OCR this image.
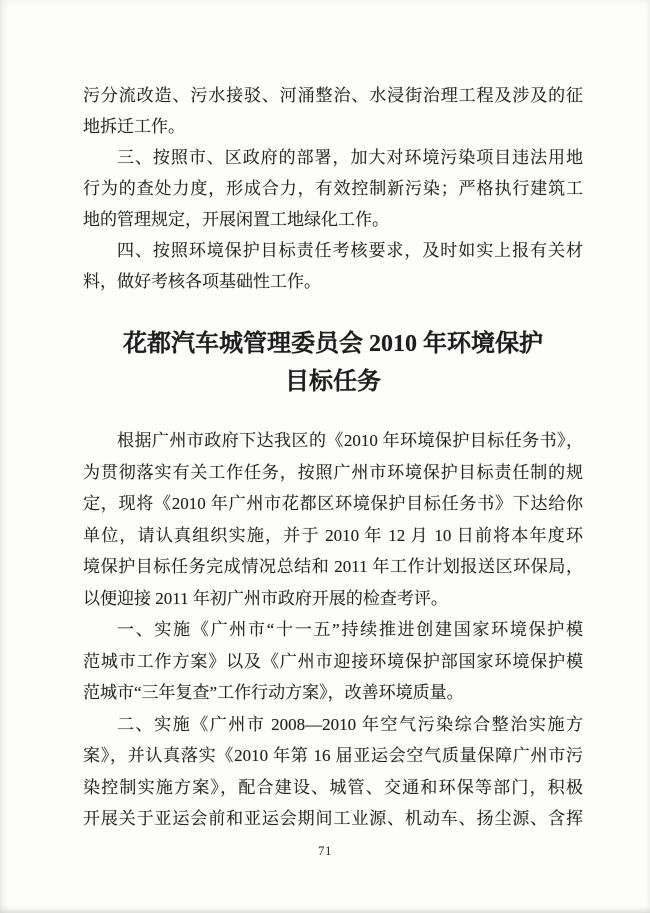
污分流改造、污水接驳、河涌整治、水浸街治理工程及涉及的征
地拆迁工作。
三、按照市、区政府的部署，加大对环境污染项目违法用地
行为的查处力度，形成合力，有效控制新污染；严格执行建筑工
地的管理规定，开展闲置工地绿化工作。
四、按照环境保护目标责任考核要求，及时如实上报有关材
料，做好考核各项基础性工作。
花都汽车城管理委员会 2010 年环境保护
目标任务
根据广州市政府下达我区的《2010 年环境保护目标任务书》，
为贯彻落实有关工作任务，按照广州市环境保护目标责任制的规
定，现将《2010 年广州市花都区环境保护目标任务书》下达给你
单位，请认真组织实施，并于 2010 年 12 月 10 日前将本年度环
境保护目标任务完成情况总结和 2011 年工作计划报送区环保局，
以便迎接 2011 年初广州市政府开展的检查考评。
一、实施《广州市“十一五”持续推进创建国家环境保护模
范城市工作方案》以及《广州市迎接环境保护部国家环境保护模
范城市“三年复查”工作行动方案》，改善环境质量。
二、实施《广州市 2008—2010 年空气污染综合整治实施方
案》，并认真落实《2010 年第 16 届亚运会空气质量保障广州市污
染控制实施方案》，配合建设、城管、交通和环保等部门，积极
开展关于亚运会前和亚运会期间工业源、机动车、扬尘源、含挥
71
